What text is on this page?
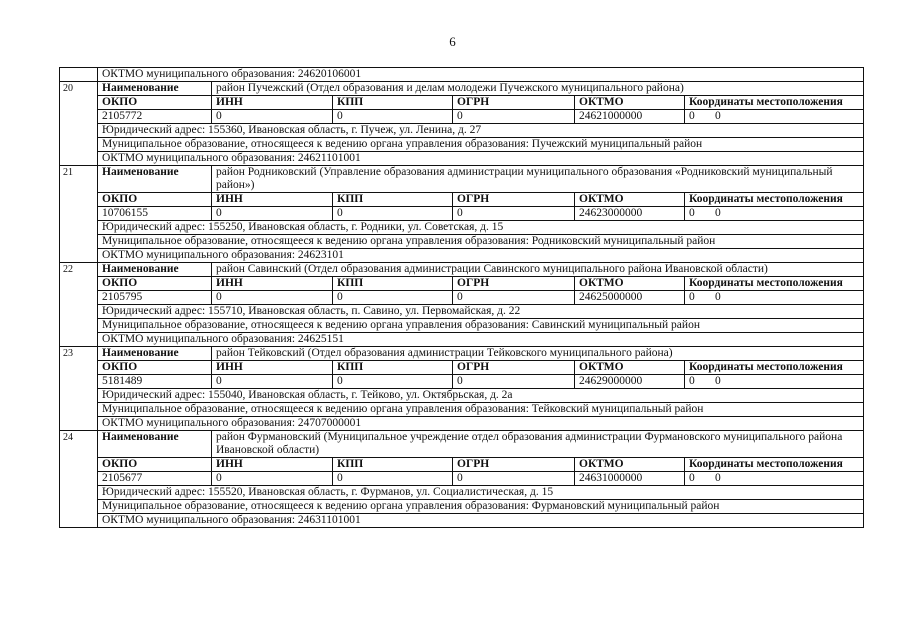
6
	ОКТМО муниципального образования: 24620106001					
20	Наименование	район Пучежский (Отдел образования и делам молодежи Пучежского муниципального района)				
	ОКПО	ИНН	КПП	ОГРН	ОКТМО	Координаты местоположения
	2105772	0	0	0	24621000000	0 0
	Юридический адрес: 155360, Ивановская область, г. Пучеж, ул. Ленина, д. 27					
	Муниципальное образование, относящееся к ведению органа управления образования: Пучежский муниципальный район					
	ОКТМО муниципального образования: 24621101001					
21	Наименование	район Родниковский (Управление образования администрации муниципального образования «Родниковский муниципальный район»)				
	ОКПО	ИНН	КПП	ОГРН	ОКТМО	Координаты местоположения
	10706155	0	0	0	24623000000	0 0
	Юридический адрес: 155250, Ивановская область, г. Родники, ул. Советская, д. 15					
	Муниципальное образование, относящееся к ведению органа управления образования: Родниковский муниципальный район					
	ОКТМО муниципального образования: 24623101					
22	Наименование	район Савинский (Отдел образования администрации Савинского муниципального района Ивановской области)				
	ОКПО	ИНН	КПП	ОГРН	ОКТМО	Координаты местоположения
	2105795	0	0	0	24625000000	0 0
	Юридический адрес: 155710, Ивановская область, п. Савино, ул. Первомайская, д. 22					
	Муниципальное образование, относящееся к ведению органа управления образования: Савинский муниципальный район					
	ОКТМО муниципального образования: 24625151					
23	Наименование	район Тейковский (Отдел образования администрации Тейковского муниципального района)				
	ОКПО	ИНН	КПП	ОГРН	ОКТМО	Координаты местоположения
	5181489	0	0	0	24629000000	0 0
	Юридический адрес: 155040, Ивановская область, г. Тейково, ул. Октябрьская, д. 2а					
	Муниципальное образование, относящееся к ведению органа управления образования: Тейковский муниципальный район					
	ОКТМО муниципального образования: 24707000001					
24	Наименование	район Фурмановский (Муниципальное учреждение отдел образования администрации Фурмановского муниципального района Ивановской области)				
	ОКПО	ИНН	КПП	ОГРН	ОКТМО	Координаты местоположения
	2105677	0	0	0	24631000000	0 0
	Юридический адрес: 155520, Ивановская область, г. Фурманов, ул. Социалистическая, д. 15					
	Муниципальное образование, относящееся к ведению органа управления образования: Фурмановский муниципальный район					
	ОКТМО муниципального образования: 24631101001					
